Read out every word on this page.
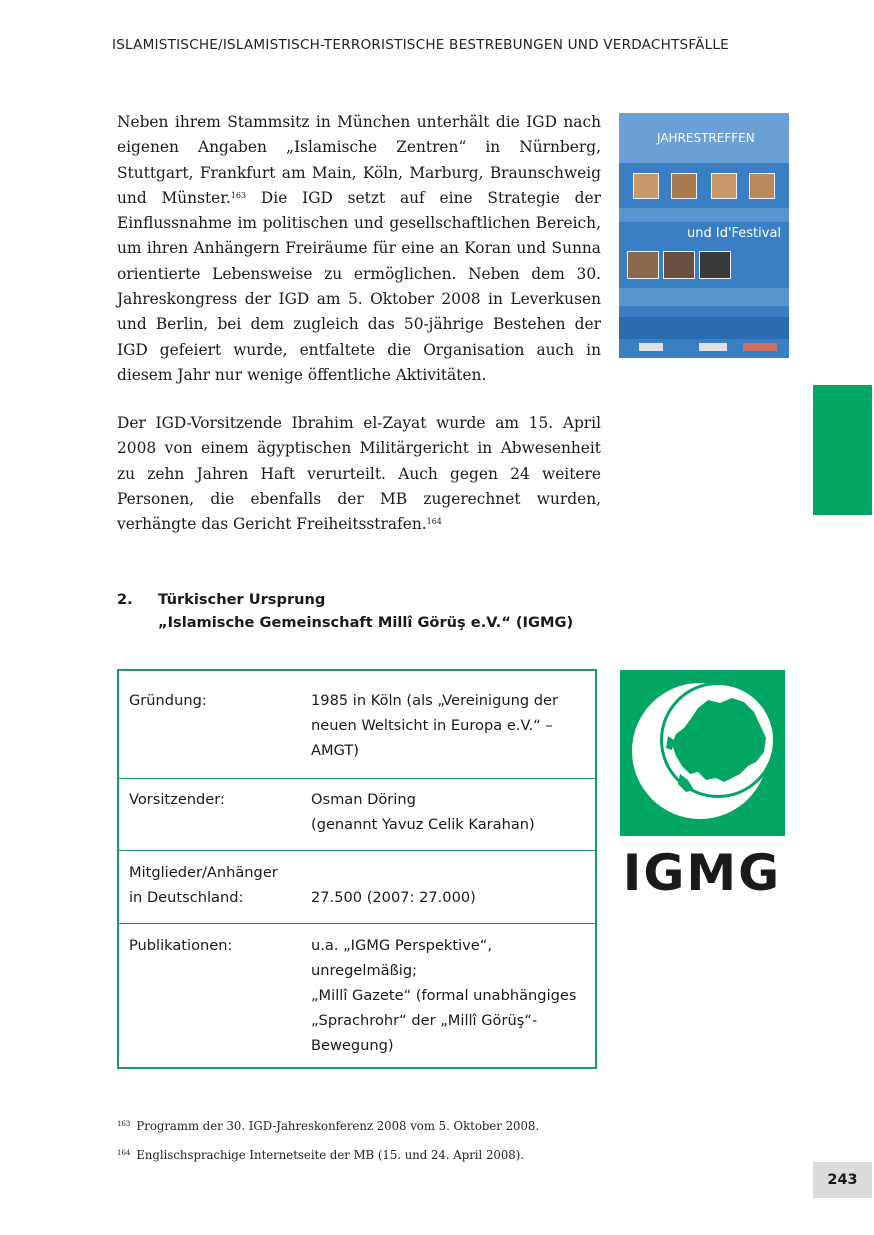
ISLAMISTISCHE/ISLAMISTISCH-TERRORISTISCHE BESTREBUNGEN UND VERDACHTSFÄLLE

Neben ihrem Stammsitz in München unterhält die IGD nach eigenen Angaben „Islamische Zentren“ in Nürnberg, Stuttgart, Frankfurt am Main, Köln, Marburg, Braunschweig und Münster.$^{163}$ Die IGD setzt auf eine Strategie der Einflussnahme im politischen und gesellschaftlichen Bereich, um ihren Anhängern Freiräume für eine an Koran und Sunna orientierte Lebensweise zu ermöglichen. Neben dem 30. Jahreskongress der IGD am 5. Oktober 2008 in Leverkusen und Berlin, bei dem zugleich das 50-jährige Bestehen der IGD gefeiert wurde, entfaltete die Organisation auch in diesem Jahr nur wenige öffentliche Aktivitäten.

JAHRESTREFFEN
und Id'Festival

Der IGD-Vorsitzende Ibrahim el-Zayat wurde am 15. April 2008 von einem ägyptischen Militärgericht in Abwesenheit zu zehn Jahren Haft verurteilt. Auch gegen 24 weitere Personen, die ebenfalls der MB zugerechnet wurden, verhängte das Gericht Freiheitsstrafen.$^{164}$

2. Türkischer Ursprung
„Islamische Gemeinschaft Millî Görüş e.V.“ (IGMG)
Gründung:	1985 in Köln (als „Vereinigung der
neuen Weltsicht in Europa e.V.“ –
AMGT)

Vorsitzender:	Osman Döring
(genannt Yavuz Celik Karahan)

Mitglieder/Anhänger
in Deutschland:	27.500 (2007: 27.000)
Publikationen:	u.a. „IGMG Perspektive“,
unregelmäßig;
„Millî Gazete“ (formal unabhängiges
„Sprachrohr“ der „Millî Görüş“-
Bewegung)
IGMG
$^{163}$ Programm der 30. IGD-Jahreskonferenz 2008 vom 5. Oktober 2008.
$^{164}$ Englischsprachige Internetseite der MB (15. und 24. April 2008).
243
